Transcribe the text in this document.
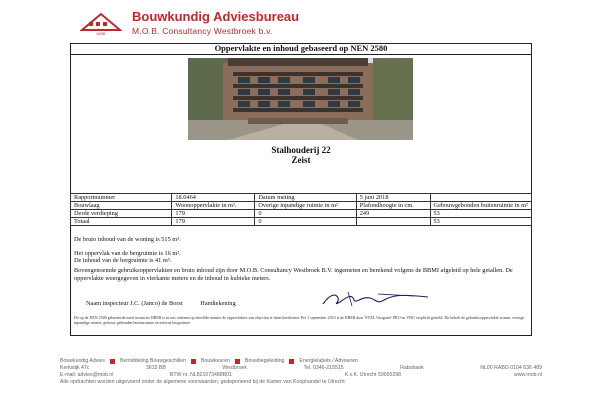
MOB
Bouwkundig Adviesbureau
M.O.B. Consultancy Westbroek b.v.
Oppervlakte en inhoud gebaseerd op NEN 2580
Stalhouderij 22
Zeist
Rapportnummer	18.0464	Datum meting	5 juni 2018	
Bouwlaag	Woonoppervlakte in m².	Overige inpandige ruimte in m²	Plafondhoogte in cm.	Gebouwgebonden buitenruimte in m²
Derde verdieping	179	0	249	53
Totaal	179	0		53
De bruto inhoud van de woning is 515 m³.
Het oppervlak van de bergruimte is 16 m².
De inhoud van de bergruimte is 41 m³.
Bovengenoemde gebruiksoppervlakten en bruto inhoud zijn door M.O.B. Consultancy Westbroek B.V. ingemeten en berekend volgens de BBMI afgeleid op hele getallen. De oppervlakte weergegeven in vierkante meters en de inhoud in kubieke meters.
Naam inspecteur J.C. (Janco) de Borst	Handtekening
De op de NEN 2580 gebaseerde meet instructie BBMI is in ons ordenen op dezelfde manier de oppervlaktes van objecten te laten berekenen. Per 1 september 2010 is de BBMI door NVM, Vastgoed- PRO en VBO verplicht gesteld. Dit behelt de gebruiksoppervlakte wonen, overige inpandige ruimte, gebouw gebonden buitenruimte en externe bergruimte.
Bouwkundig Advies	Bemiddeling Bouwgeschillen	Bouwkeuren	Bouwbegeleiding	Energielabels / Adviseren
Kerkstijk 47c	3615 BB	Westbroek	Tel. 0346-215515	Rabobank	NL00 RABO 0104 636 489
E-mail: advies@mob.nl	BTW nr. NL821073488B01	K.v.K. Utrecht 59055298	www.mob.nl
Alle opdrachten worden uitgevoerd onder de algemene voorwaarden, gedeponeerd bij de Kamer van Koophandel te Utrecht.
